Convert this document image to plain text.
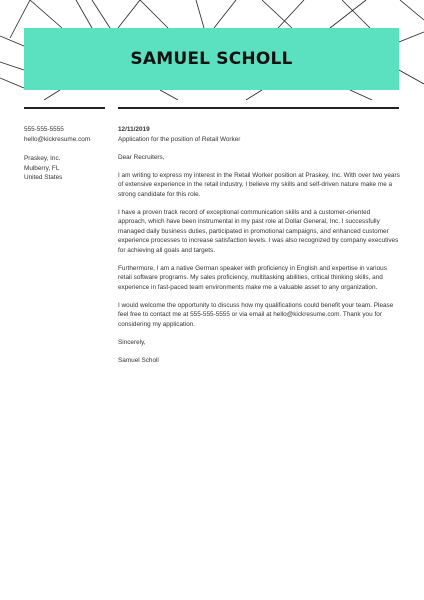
SAMUEL SCHOLL
555-555-5555
hello@kickresume.com
Praskey, Inc.
Mulberry, FL
United States

12/11/2019

Application for the position of Retail Worker

Dear Recruiters,

I am writing to express my interest in the Retail Worker position at Praskey, Inc. With over two years of extensive experience in the retail industry, I believe my skills and self-driven nature make me a strong candidate for this role.

I have a proven track record of exceptional communication skills and a customer-oriented approach, which have been instrumental in my past role at Dollar General, Inc. I successfully managed daily business duties, participated in promotional campaigns, and enhanced customer experience processes to increase satisfaction levels. I was also recognized by company executives for achieving all goals and targets.

Furthermore, I am a native German speaker with proficiency in English and expertise in various retail software programs. My sales proficiency, multitasking abilities, critical thinking skills, and experience in fast-paced team environments make me a valuable asset to any organization.

I would welcome the opportunity to discuss how my qualifications could benefit your team. Please feel free to contact me at 555-555-5555 or via email at hello@kickresume.com. Thank you for considering my application.

Sincerely,

Samuel Scholl
